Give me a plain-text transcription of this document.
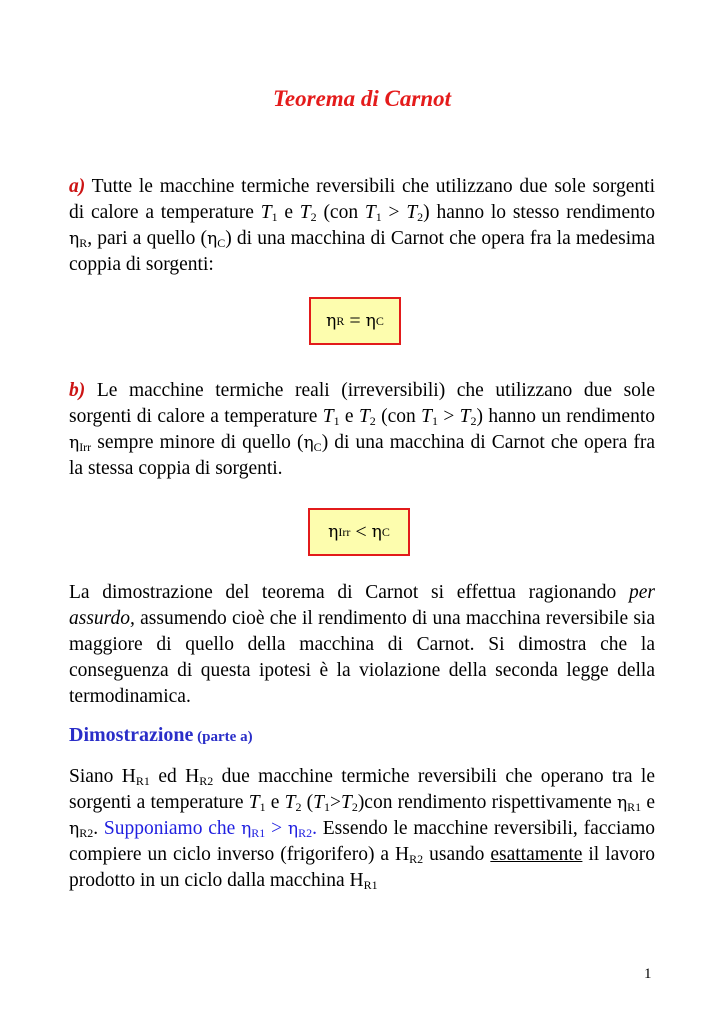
Teorema di Carnot
a) Tutte le macchine termiche reversibili che utilizzano due sole sorgenti di calore a temperature $T_1$ e $T_2$ (con $T_1 > T_2$) hanno lo stesso rendimento $\eta_R$, pari a quello $(\eta_C)$ di una macchina di Carnot che opera fra la medesima coppia di sorgenti:
η R = η C
b) Le macchine termiche reali (irreversibili) che utilizzano due sole sorgenti di calore a temperature $T_1$ e $T_2$ (con $T_1 > T_2$) hanno un rendimento $\eta_{Irr}$ sempre minore di quello $(\eta_C)$ di una macchina di Carnot che opera fra la stessa coppia di sorgenti.
η Irr < η C
La dimostrazione del teorema di Carnot si effettua ragionando per assurdo, assumendo cioè che il rendimento di una macchina reversibile sia maggiore di quello della macchina di Carnot. Si dimostra che la conseguenza di questa ipotesi è la violazione della seconda legge della termodinamica.
Dimostrazione (parte a)
Siano $H_{R1}$ ed $H_{R2}$ due macchine termiche reversibili che operano tra le sorgenti a temperature $T_1$ e $T_2$ $(T_1>T_2)con$ rendimento rispettivamente $\eta_{R1}$ e $\eta_{R2}$. Supponiamo che $\eta_{R1} > \eta_{R2}$. Essendo le macchine reversibili, facciamo compiere un ciclo inverso (frigorifero) a $H_{R2}$ usando esattamente il lavoro prodotto in un ciclo dalla macchina $H_{R1}$
1
